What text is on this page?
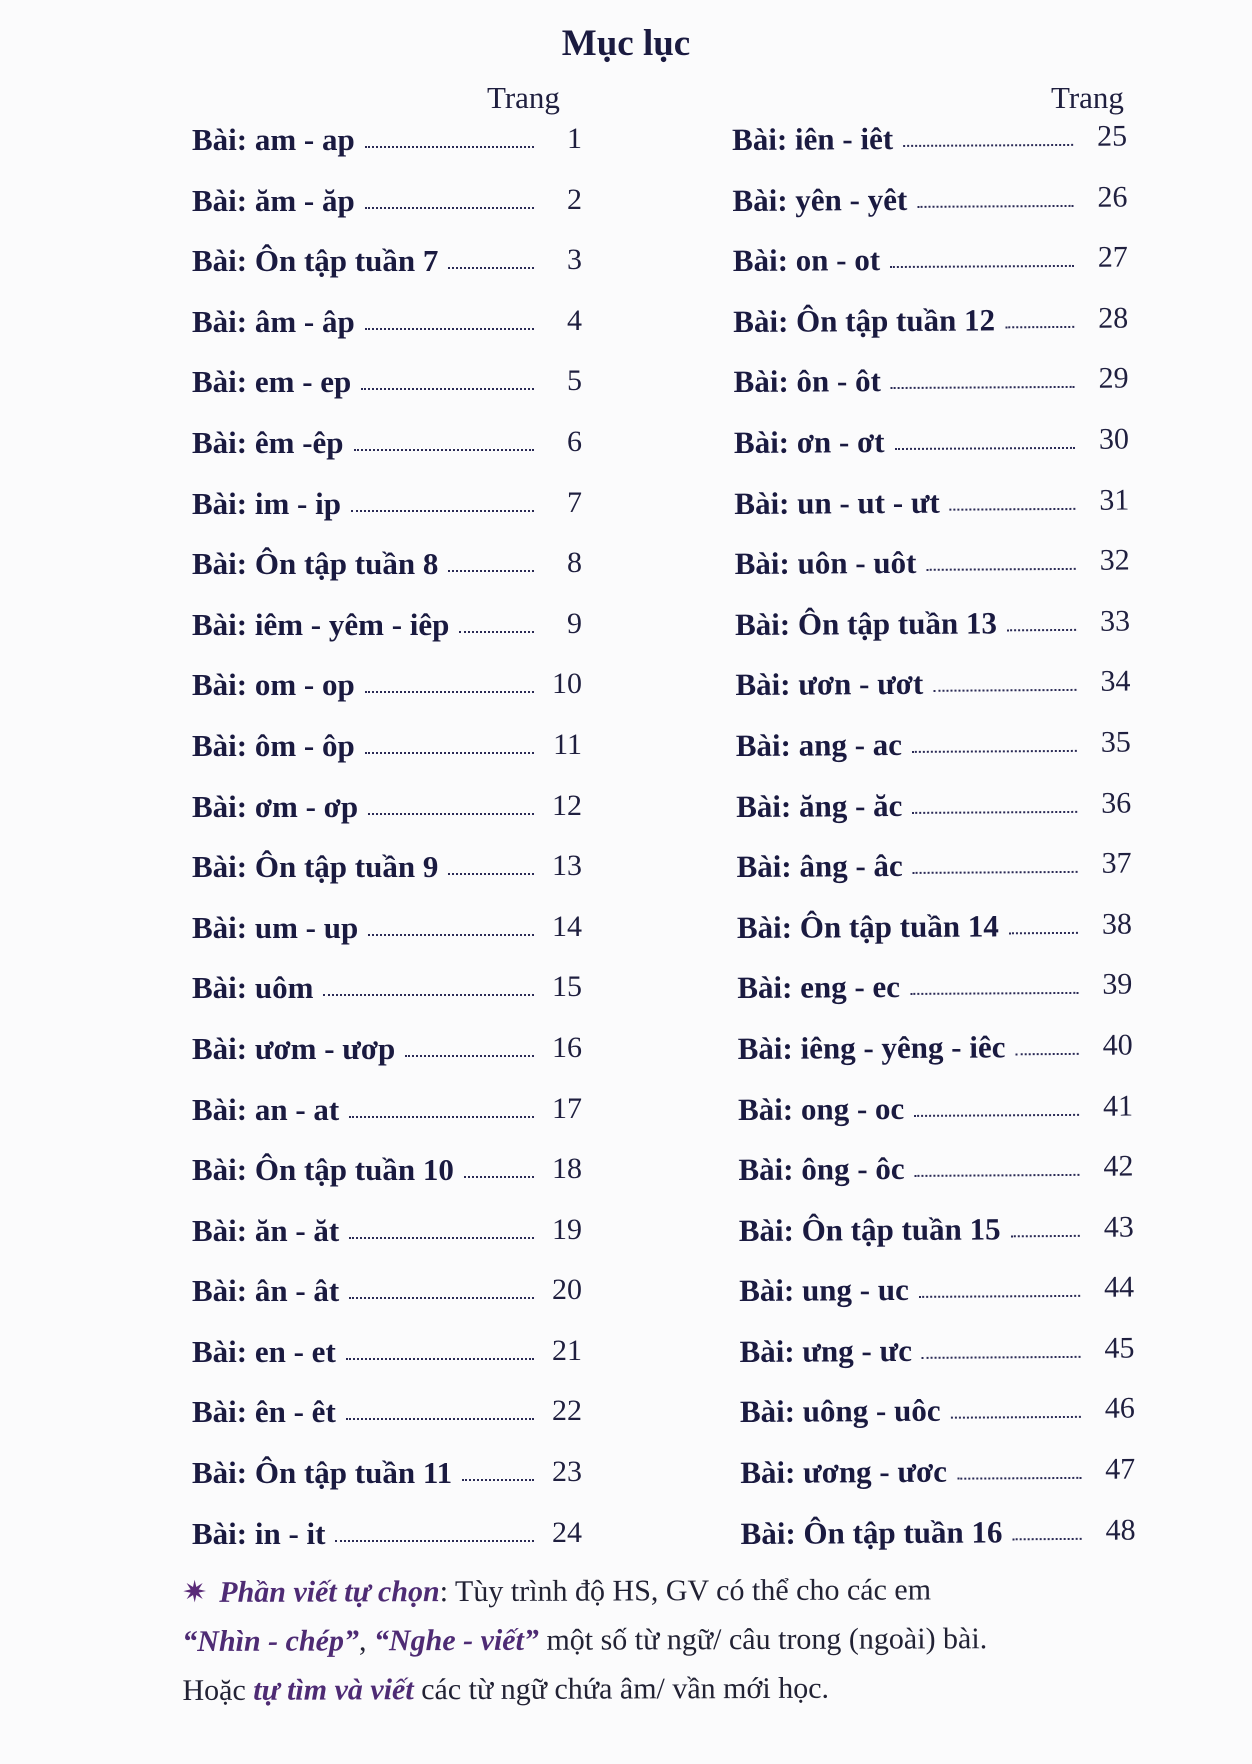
Mục lục
Trang	Trang
Bài: am - ap	1
Bài: ăm - ăp	2
Bài: Ôn tập tuần 7	3
Bài: âm - âp	4
Bài: em - ep	5
Bài: êm -êp	6
Bài: im - ip	7
Bài: Ôn tập tuần 8	8
Bài: iêm - yêm - iêp	9
Bài: om - op	10
Bài: ôm - ôp	11
Bài: ơm - ơp	12
Bài: Ôn tập tuần 9	13
Bài: um - up	14
Bài: uôm	15
Bài: ươm - ươp	16
Bài: an - at	17
Bài: Ôn tập tuần 10	18
Bài: ăn - ăt	19
Bài: ân - ât	20
Bài: en - et	21
Bài: ên - êt	22
Bài: Ôn tập tuần 11	23
Bài: in - it	24
Bài: iên - iêt	25
Bài: yên - yêt	26
Bài: on - ot	27
Bài: Ôn tập tuần 12	28
Bài: ôn - ôt	29
Bài: ơn - ơt	30
Bài: un - ut - ưt	31
Bài: uôn - uôt	32
Bài: Ôn tập tuần 13	33
Bài: ươn - ươt	34
Bài: ang - ac	35
Bài: ăng - ăc	36
Bài: âng - âc	37
Bài: Ôn tập tuần 14	38
Bài: eng - ec	39
Bài: iêng - yêng - iêc	40
Bài: ong - oc	41
Bài: ông - ôc	42
Bài: Ôn tập tuần 15	43
Bài: ung - uc	44
Bài: ưng - ưc	45
Bài: uông - uôc	46
Bài: ương - ươc	47
Bài: Ôn tập tuần 16	48

✷ Phần viết tự chọn: Tùy trình độ HS, GV có thể cho các em

“Nhìn - chép”, “Nghe - viết” một số từ ngữ/ câu trong (ngoài) bài.

Hoặc tự tìm và viết các từ ngữ chứa âm/ vần mới học.
